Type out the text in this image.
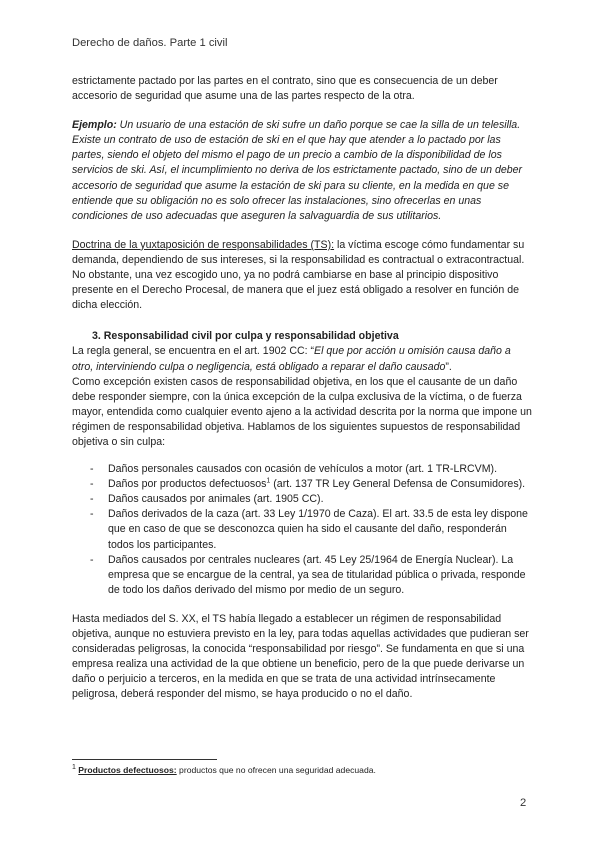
Derecho de daños. Parte 1 civil

estrictamente pactado por las partes en el contrato, sino que es consecuencia de un deber accesorio de seguridad que asume una de las partes respecto de la otra.

Ejemplo: Un usuario de una estación de ski sufre un daño porque se cae la silla de un telesilla. Existe un contrato de uso de estación de ski en el que hay que atender a lo pactado por las partes, siendo el objeto del mismo el pago de un precio a cambio de la disponibilidad de los servicios de ski. Así, el incumplimiento no deriva de los estrictamente pactado, sino de un deber accesorio de seguridad que asume la estación de ski para su cliente, en la medida en que se entiende que su obligación no es solo ofrecer las instalaciones, sino ofrecerlas en unas condiciones de uso adecuadas que aseguren la salvaguardia de sus utilitarios.

Doctrina de la yuxtaposición de responsabilidades (TS): la víctima escoge cómo fundamentar su demanda, dependiendo de sus intereses, si la responsabilidad es contractual o extracontractual. No obstante, una vez escogido uno, ya no podrá cambiarse en base al principio dispositivo presente en el Derecho Procesal, de manera que el juez está obligado a resolver en función de dicha elección.

3. Responsabilidad civil por culpa y responsabilidad objetiva

La regla general, se encuentra en el art. 1902 CC: “El que por acción u omisión causa daño a otro, interviniendo culpa o negligencia, está obligado a reparar el daño causado”.

Como excepción existen casos de responsabilidad objetiva, en los que el causante de un daño debe responder siempre, con la única excepción de la culpa exclusiva de la víctima, o de fuerza mayor, entendida como cualquier evento ajeno a la actividad descrita por la norma que impone un régimen de responsabilidad objetiva. Hablamos de los siguientes supuestos de responsabilidad objetiva o sin culpa:

- Daños personales causados con ocasión de vehículos a motor (art. 1 TR-LRCVM).
- Daños por productos defectuosos$^1$ (art. 137 TR Ley General Defensa de Consumidores).
- Daños causados por animales (art. 1905 CC).
- Daños derivados de la caza (art. 33 Ley 1/1970 de Caza). El art. 33.5 de esta ley dispone que en caso de que se desconozca quien ha sido el causante del daño, responderán todos los participantes.
- Daños causados por centrales nucleares (art. 45 Ley 25/1964 de Energía Nuclear). La empresa que se encargue de la central, ya sea de titularidad pública o privada, responde de todo los daños derivado del mismo por medio de un seguro.

Hasta mediados del S. XX, el TS había llegado a establecer un régimen de responsabilidad objetiva, aunque no estuviera previsto en la ley, para todas aquellas actividades que pudieran ser consideradas peligrosas, la conocida “responsabilidad por riesgo”. Se fundamenta en que si una empresa realiza una actividad de la que obtiene un beneficio, pero de la que puede derivarse un daño o perjuicio a terceros, en la medida en que se trata de una actividad intrínsecamente peligrosa, deberá responder del mismo, se haya producido o no el daño.

$^1$ Productos defectuosos: productos que no ofrecen una seguridad adecuada.
2
